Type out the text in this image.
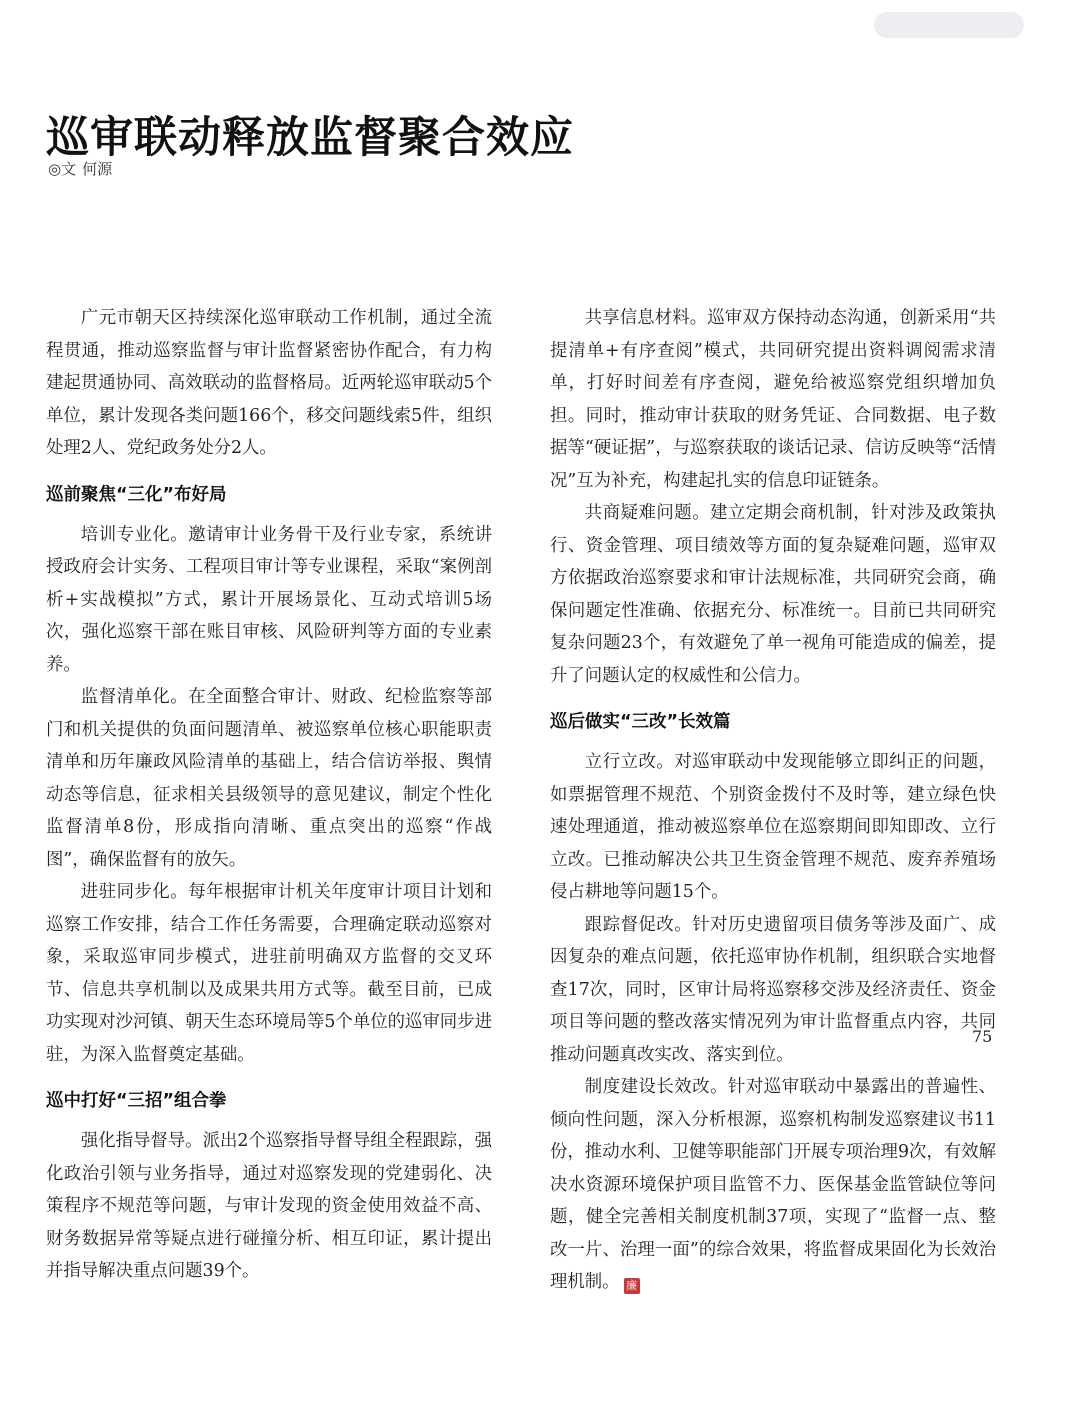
巡审联动释放监督聚合效应
◎文 何源

广元市朝天区持续深化巡审联动工作机制，通过全流程贯通，推动巡察监督与审计监督紧密协作配合，有力构建起贯通协同、高效联动的监督格局。近两轮巡审联动5个单位，累计发现各类问题166个，移交问题线索5件，组织处理2人、党纪政务处分2人。

巡前聚焦“三化”布好局

培训专业化。邀请审计业务骨干及行业专家，系统讲授政府会计实务、工程项目审计等专业课程，采取“案例剖析+实战模拟”方式，累计开展场景化、互动式培训5场次，强化巡察干部在账目审核、风险研判等方面的专业素养。

监督清单化。在全面整合审计、财政、纪检监察等部门和机关提供的负面问题清单、被巡察单位核心职能职责清单和历年廉政风险清单的基础上，结合信访举报、舆情动态等信息，征求相关县级领导的意见建议，制定个性化监督清单8份，形成指向清晰、重点突出的巡察“作战图”，确保监督有的放矢。

进驻同步化。每年根据审计机关年度审计项目计划和巡察工作安排，结合工作任务需要，合理确定联动巡察对象，采取巡审同步模式，进驻前明确双方监督的交叉环节、信息共享机制以及成果共用方式等。截至目前，已成功实现对沙河镇、朝天生态环境局等5个单位的巡审同步进驻，为深入监督奠定基础。

巡中打好“三招”组合拳

强化指导督导。派出2个巡察指导督导组全程跟踪，强化政治引领与业务指导，通过对巡察发现的党建弱化、决策程序不规范等问题，与审计发现的资金使用效益不高、财务数据异常等疑点进行碰撞分析、相互印证，累计提出并指导解决重点问题39个。

共享信息材料。巡审双方保持动态沟通，创新采用“共提清单+有序查阅”模式，共同研究提出资料调阅需求清单，打好时间差有序查阅，避免给被巡察党组织增加负担。同时，推动审计获取的财务凭证、合同数据、电子数据等“硬证据”，与巡察获取的谈话记录、信访反映等“活情况”互为补充，构建起扎实的信息印证链条。

共商疑难问题。建立定期会商机制，针对涉及政策执行、资金管理、项目绩效等方面的复杂疑难问题，巡审双方依据政治巡察要求和审计法规标准，共同研究会商，确保问题定性准确、依据充分、标准统一。目前已共同研究复杂问题23个，有效避免了单一视角可能造成的偏差，提升了问题认定的权威性和公信力。

巡后做实“三改”长效篇

立行立改。对巡审联动中发现能够立即纠正的问题，如票据管理不规范、个别资金拨付不及时等，建立绿色快速处理通道，推动被巡察单位在巡察期间即知即改、立行立改。已推动解决公共卫生资金管理不规范、废弃养殖场侵占耕地等问题15个。

跟踪督促改。针对历史遗留项目债务等涉及面广、成因复杂的难点问题，依托巡审协作机制，组织联合实地督查17次，同时，区审计局将巡察移交涉及经济责任、资金项目等问题的整改落实情况列为审计监督重点内容，共同推动问题真改实改、落实到位。

制度建设长效改。针对巡审联动中暴露出的普遍性、倾向性问题，深入分析根源，巡察机构制发巡察建议书11份，推动水利、卫健等职能部门开展专项治理9次，有效解决水资源环境保护项目监管不力、医保基金监管缺位等问题，健全完善相关制度机制37项，实现了“监督一点、整改一片、治理一面”的综合效果，将监督成果固化为长效治理机制。 廉

75
